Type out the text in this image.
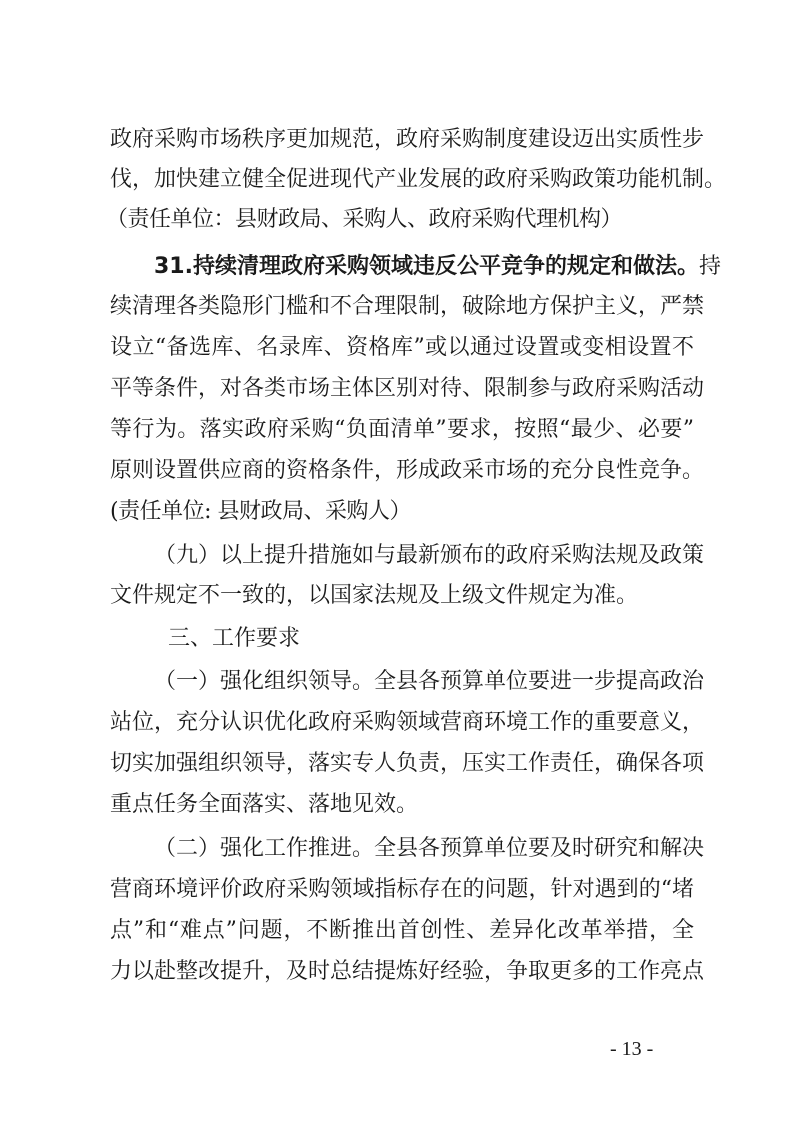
政府采购市场秩序更加规范，政府采购制度建设迈出实质性步
伐，加快建立健全促进现代产业发展的政府采购政策功能机制。
（责任单位：县财政局、采购人、政府采购代理机构）
31.持续清理政府采购领域违反公平竞争的规定和做法。持
续清理各类隐形门槛和不合理限制，破除地方保护主义，严禁
设立“备选库、名录库、资格库”或以通过设置或变相设置不
平等条件，对各类市场主体区别对待、限制参与政府采购活动
等行为。落实政府采购“负面清单”要求，按照“最少、必要”
原则设置供应商的资格条件，形成政采市场的充分良性竞争。
(责任单位: 县财政局、采购人）
（九）以上提升措施如与最新颁布的政府采购法规及政策
文件规定不一致的，以国家法规及上级文件规定为准。
三、工作要求
（一）强化组织领导。全县各预算单位要进一步提高政治
站位，充分认识优化政府采购领域营商环境工作的重要意义，
切实加强组织领导，落实专人负责，压实工作责任，确保各项
重点任务全面落实、落地见效。
（二）强化工作推进。全县各预算单位要及时研究和解决
营商环境评价政府采购领域指标存在的问题，针对遇到的“堵
点”和“难点”问题，不断推出首创性、差异化改革举措，全
力以赴整改提升，及时总结提炼好经验，争取更多的工作亮点
- 13 -
